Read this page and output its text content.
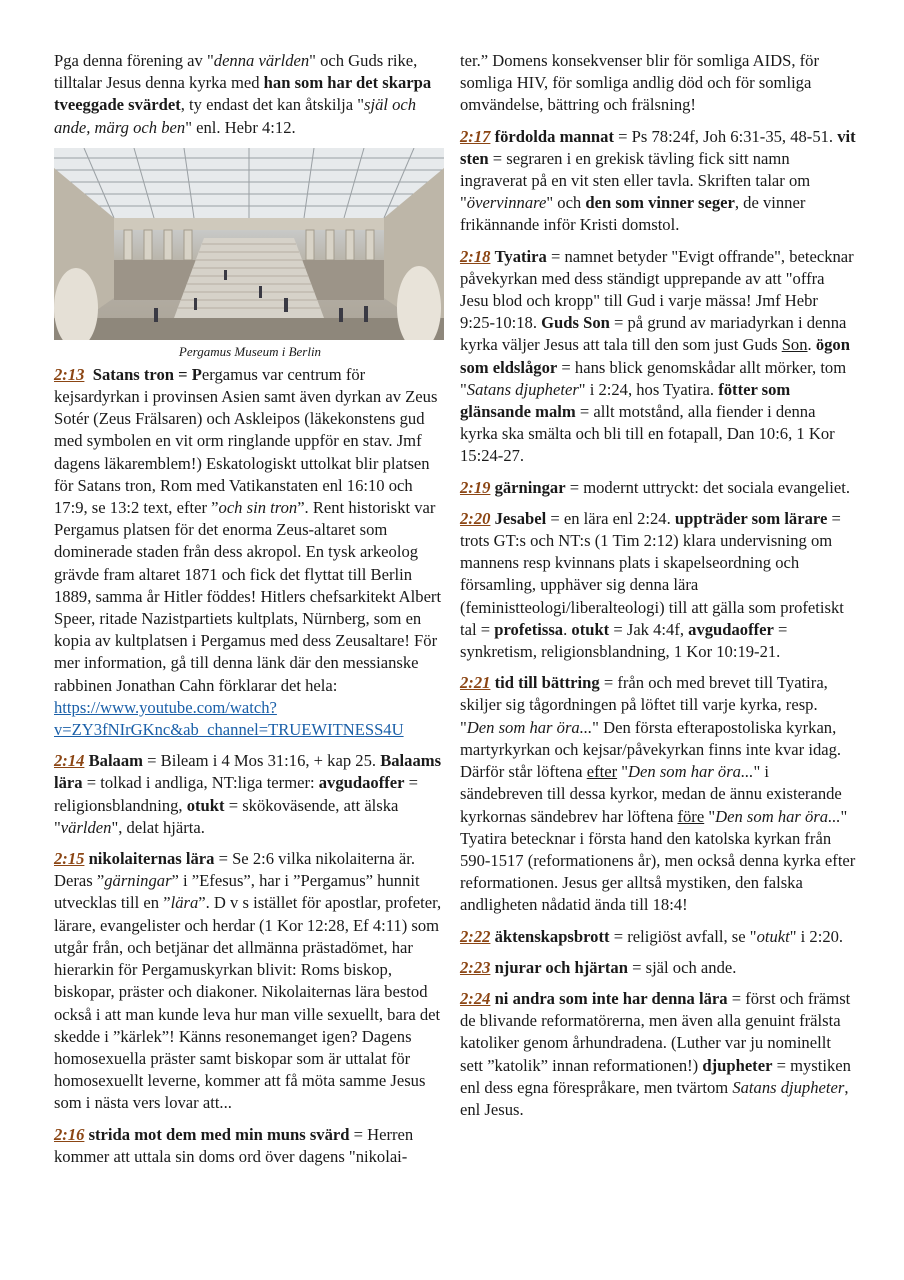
Pga denna förening av "denna världen" och Guds rike, tilltalar Jesus denna kyrka med han som har det skarpa tveeggade svärdet, ty endast det kan åtskilja "själ och ande, märg och ben" enl. Hebr 4:12.

Pergamus Museum i Berlin

2:13 Satans tron = Pergamus var centrum för kejsardyrkan i provinsen Asien samt även dyrkan av Zeus Sotér (Zeus Frälsaren) och Askleipos (läkekonstens gud med symbolen en vit orm ringlande uppför en stav. Jmf dagens läkaremblem!) Eskatologiskt uttolkat blir platsen för Satans tron, Rom med Vatikanstaten enl 16:10 och 17:9, se 13:2 text, efter ”och sin tron”. Rent historiskt var Pergamus platsen för det enorma Zeus-altaret som dominerade staden från dess akropol. En tysk arkeolog grävde fram altaret 1871 och fick det flyttat till Berlin 1889, samma år Hitler föddes! Hitlers chefsarkitekt Albert Speer, ritade Nazistpartiets kultplats, Nürnberg, som en kopia av kultplatsen i Pergamus med dess Zeusaltare! För mer information, gå till denna länk där den messianske rabbinen Jonathan Cahn förklarar det hela: https://www.youtube.com/watch?v=ZY3fNIrGKnc&ab_channel=TRUEWITNESS4U

2:14 Balaam = Bileam i 4 Mos 31:16, + kap 25. Balaams lära = tolkad i andliga, NT:liga termer: avgudaoffer = religionsblandning, otukt = skökoväsende, att älska "världen", delat hjärta.

2:15 nikolaiternas lära = Se 2:6 vilka nikolaiterna är. Deras ”gärningar” i ”Efesus”, har i ”Pergamus” hunnit utvecklas till en ”lära”. D v s istället för apostlar, profeter, lärare, evangelister och herdar (1 Kor 12:28, Ef 4:11) som utgår från, och betjänar det allmänna prästadömet, har hierarkin för Pergamuskyrkan blivit: Roms biskop, biskopar, präster och diakoner. Nikolaiternas lära bestod också i att man kunde leva hur man ville sexuellt, bara det skedde i ”kärlek”! Känns resonemanget igen? Dagens homosexuella präster samt biskopar som är uttalat för homosexuellt leverne, kommer att få möta samme Jesus som i nästa vers lovar att...

2:16 strida mot dem med min muns svärd = Herren kommer att uttala sin doms ord över dagens "nikolai-

ter.” Domens konsekvenser blir för somliga AIDS, för somliga HIV, för somliga andlig död och för somliga omvändelse, bättring och frälsning!

2:17 fördolda mannat = Ps 78:24f, Joh 6:31-35, 48-51. vit sten = segraren i en grekisk tävling fick sitt namn ingraverat på en vit sten eller tavla. Skriften talar om "övervinnare" och den som vinner seger, de vinner frikännande inför Kristi domstol.

2:18 Tyatira = namnet betyder "Evigt offrande", betecknar påvekyrkan med dess ständigt upprepande av att "offra Jesu blod och kropp" till Gud i varje mässa! Jmf Hebr 9:25-10:18. Guds Son = på grund av mariadyrkan i denna kyrka väljer Jesus att tala till den som just Guds Son. ögon som eldslågor = hans blick genomskådar allt mörker, tom "Satans djupheter" i 2:24, hos Tyatira. fötter som glänsande malm = allt motstånd, alla fiender i denna kyrka ska smälta och bli till en fotapall, Dan 10:6, 1 Kor 15:24-27.

2:19 gärningar = modernt uttryckt: det sociala evangeliet.

2:20 Jesabel = en lära enl 2:24. uppträder som lärare = trots GT:s och NT:s (1 Tim 2:12) klara undervisning om mannens resp kvinnans plats i skapelseordning och församling, upphäver sig denna lära (feministteologi/liberalteologi) till att gälla som profetiskt tal = profetissa. otukt = Jak 4:4f, avgudaoffer = synkretism, religionsblandning, 1 Kor 10:19-21.

2:21 tid till bättring = från och med brevet till Tyatira, skiljer sig tågordningen på löftet till varje kyrka, resp. "Den som har öra..." Den första efterapostoliska kyrkan, martyrkyrkan och kejsar/påvekyrkan finns inte kvar idag. Därför står löftena efter "Den som har öra..." i sändebreven till dessa kyrkor, medan de ännu existerande kyrkornas sändebrev har löftena före "Den som har öra..."
Tyatira betecknar i första hand den katolska kyrkan från 590-1517 (reformationens år), men också denna kyrka efter reformationen. Jesus ger alltså mystiken, den falska andligheten nådatid ända till 18:4!

2:22 äktenskapsbrott = religiöst avfall, se "otukt" i 2:20.

2:23 njurar och hjärtan = själ och ande.

2:24 ni andra som inte har denna lära = först och främst de blivande reformatörerna, men även alla genuint frälsta katoliker genom århundradena. (Luther var ju nominellt sett ”katolik” innan reformationen!) djupheter = mystiken enl dess egna förespråkare, men tvärtom Satans djupheter, enl Jesus.
